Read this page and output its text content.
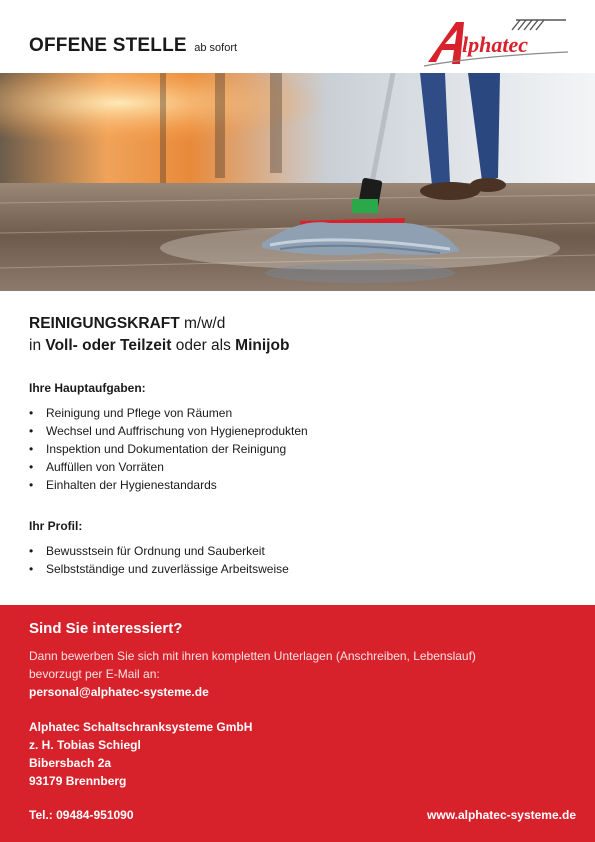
OFFENE STELLE ab sofort	lphatec
REINIGUNGSKRAFT m/w/d
in Voll- oder Teilzeit oder als Minijob
Ihre Hauptaufgaben:
• Reinigung und Pflege von Räumen
• Wechsel und Auffrischung von Hygieneprodukten
• Inspektion und Dokumentation der Reinigung
• Auffüllen von Vorräten
• Einhalten der Hygienestandards
Ihr Profil:
• Bewusstsein für Ordnung und Sauberkeit
• Selbstständige und zuverlässige Arbeitsweise
Sind Sie interessiert?
Dann bewerben Sie sich mit ihren kompletten Unterlagen (Anschreiben, Lebenslauf)
bevorzugt per E-Mail an:
personal@alphatec-systeme.de
Alphatec Schaltschranksysteme GmbH
z. H. Tobias Schiegl
Bibersbach 2a
93179 Brennberg
Tel.: 09484-951090	www.alphatec-systeme.de
